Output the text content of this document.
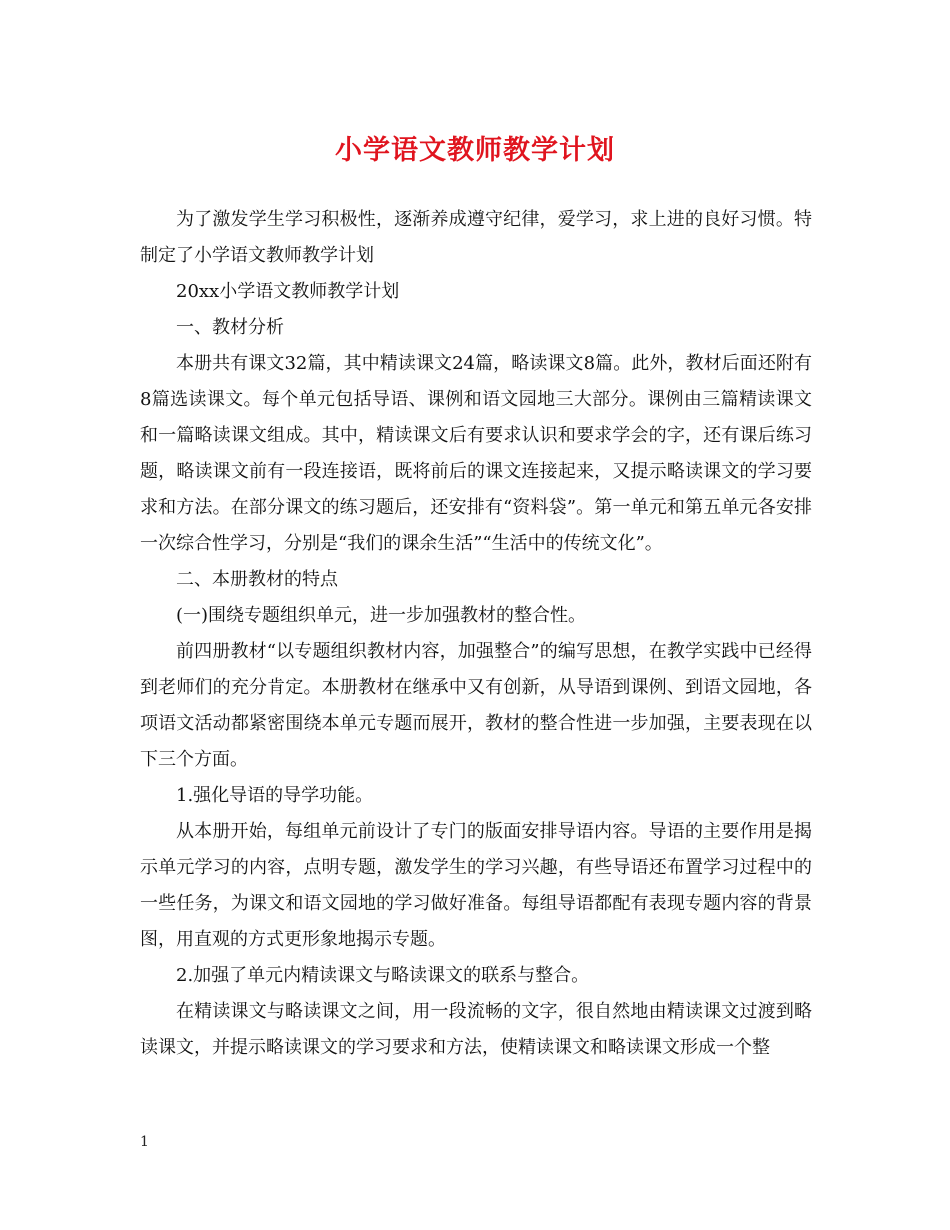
小学语文教师教学计划

为了激发学生学习积极性，逐渐养成遵守纪律，爱学习，求上进的良好习惯。特制定了小学语文教师教学计划

20xx小学语文教师教学计划

一、教材分析

本册共有课文32篇，其中精读课文24篇，略读课文8篇。此外，教材后面还附有8篇选读课文。每个单元包括导语、课例和语文园地三大部分。课例由三篇精读课文和一篇略读课文组成。其中，精读课文后有要求认识和要求学会的字，还有课后练习题，略读课文前有一段连接语，既将前后的课文连接起来，又提示略读课文的学习要求和方法。在部分课文的练习题后，还安排有“资料袋”。第一单元和第五单元各安排一次综合性学习，分别是“我们的课余生活”“生活中的传统文化”。

二、本册教材的特点

(一)围绕专题组织单元，进一步加强教材的整合性。

前四册教材“以专题组织教材内容，加强整合”的编写思想，在教学实践中已经得到老师们的充分肯定。本册教材在继承中又有创新，从导语到课例、到语文园地，各项语文活动都紧密围绕本单元专题而展开，教材的整合性进一步加强，主要表现在以下三个方面。

1.强化导语的导学功能。

从本册开始，每组单元前设计了专门的版面安排导语内容。导语的主要作用是揭示单元学习的内容，点明专题，激发学生的学习兴趣，有些导语还布置学习过程中的一些任务，为课文和语文园地的学习做好准备。每组导语都配有表现专题内容的背景图，用直观的方式更形象地揭示专题。

2.加强了单元内精读课文与略读课文的联系与整合。

在精读课文与略读课文之间，用一段流畅的文字，很自然地由精读课文过渡到略读课文，并提示略读课文的学习要求和方法，使精读课文和略读课文形成一个整

1
